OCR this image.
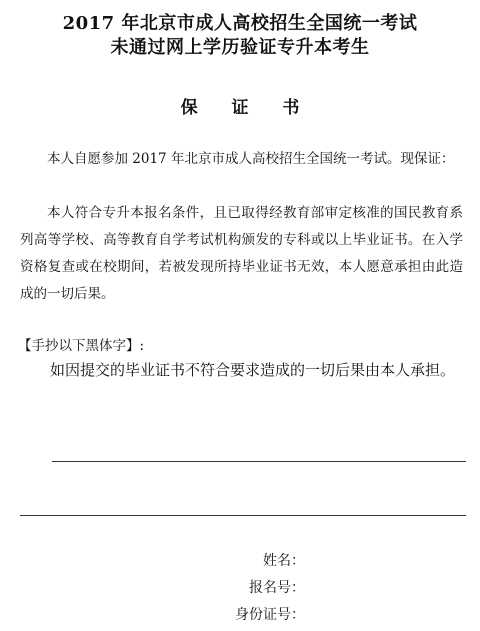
2017 年北京市成人高校招生全国统一考试
未通过网上学历验证专升本考生
保 证 书

本人自愿参加 2017 年北京市成人高校招生全国统一考试。现保证：

本人符合专升本报名条件，且已取得经教育部审定核准的国民教育系列高等学校、高等教育自学考试机构颁发的专科或以上毕业证书。在入学资格复查或在校期间，若被发现所持毕业证书无效，本人愿意承担由此造成的一切后果。

【手抄以下黑体字】:

如因提交的毕业证书不符合要求造成的一切后果由本人承担。

姓名：
报名号：
身份证号：
